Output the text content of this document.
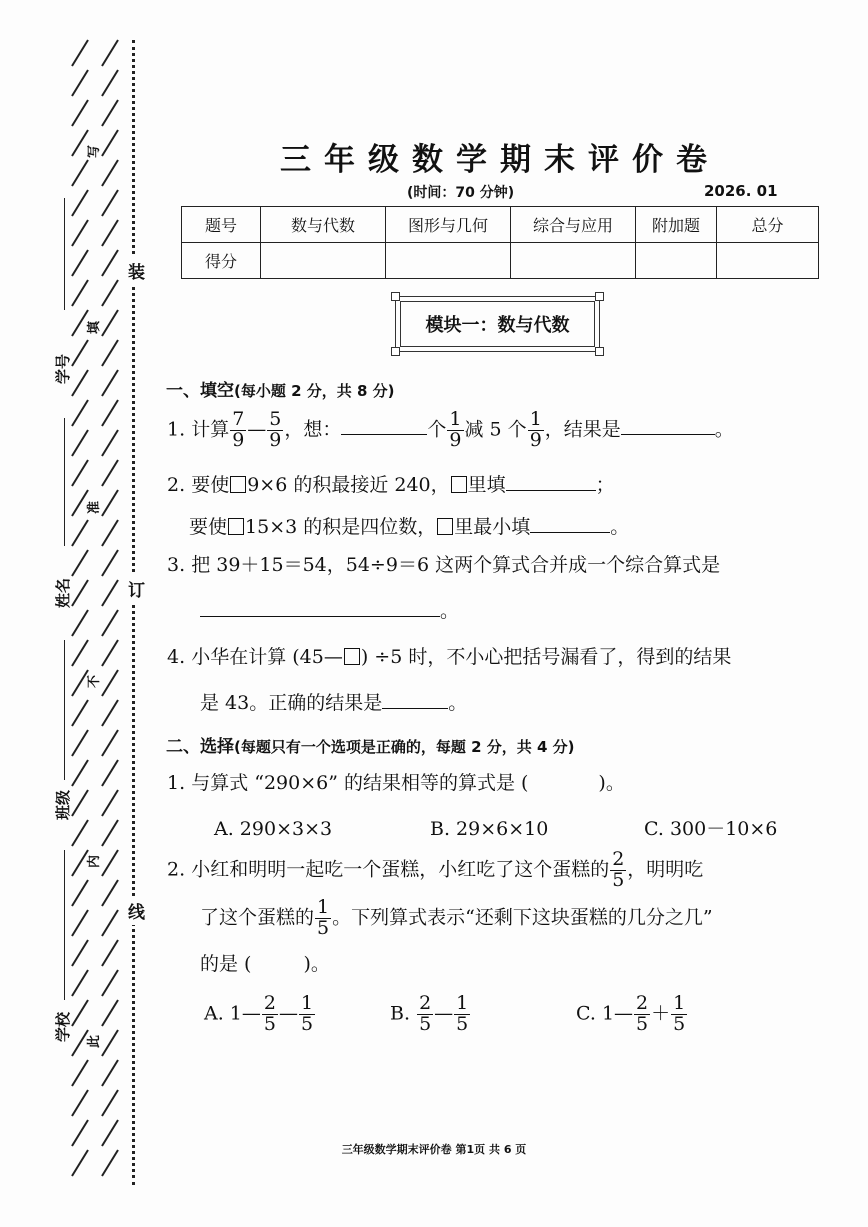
学号
姓名
班级
学校
写
填
准
不
内
此
装
订
线
三年级数学期末评价卷
(时间：70 分钟)	2026. 01
题号	数与代数	图形与几何	综合与应用	附加题	总分
得分					
模块一：数与代数
一、填空(每小题 2 分，共 8 分)
1. 计算 $\frac{7}{9}$ — $\frac{5}{9}$ ，想：	个 $\frac{1}{9}$ 减 5 个 $\frac{1}{9}$ ，结果是	。
2. 要使 9×6 的积最接近 240， 里填	；
要使 15×3 的积是四位数， 里最小填	。
3. 把 39＋15＝54，54÷9＝6 这两个算式合并成一个综合算式是
。
4. 小华在计算 (45— ) ÷5 时，不小心把括号漏看了，得到的结果
是 43。正确的结果是	。
二、选择(每题只有一个选项是正确的，每题 2 分，共 4 分)
1. 与算式 “290×6” 的结果相等的算式是 (	)。
A. 290×3×3	B. 29×6×10	C. 300－10×6
2. 小红和明明一起吃一个蛋糕，小红吃了这个蛋糕的 $\frac{2}{5}$ ，明明吃
了这个蛋糕的 $\frac{1}{5}$ 。下列算式表示“还剩下这块蛋糕的几分之几”
的是 (	)。
A. 1— $\frac{2}{5}$ — $\frac{1}{5}$	B. $\frac{2}{5}$ — $\frac{1}{5}$	C. 1— $\frac{2}{5} + \frac{1}{5}$
三年级数学期末评价卷 第1页 共 6 页
